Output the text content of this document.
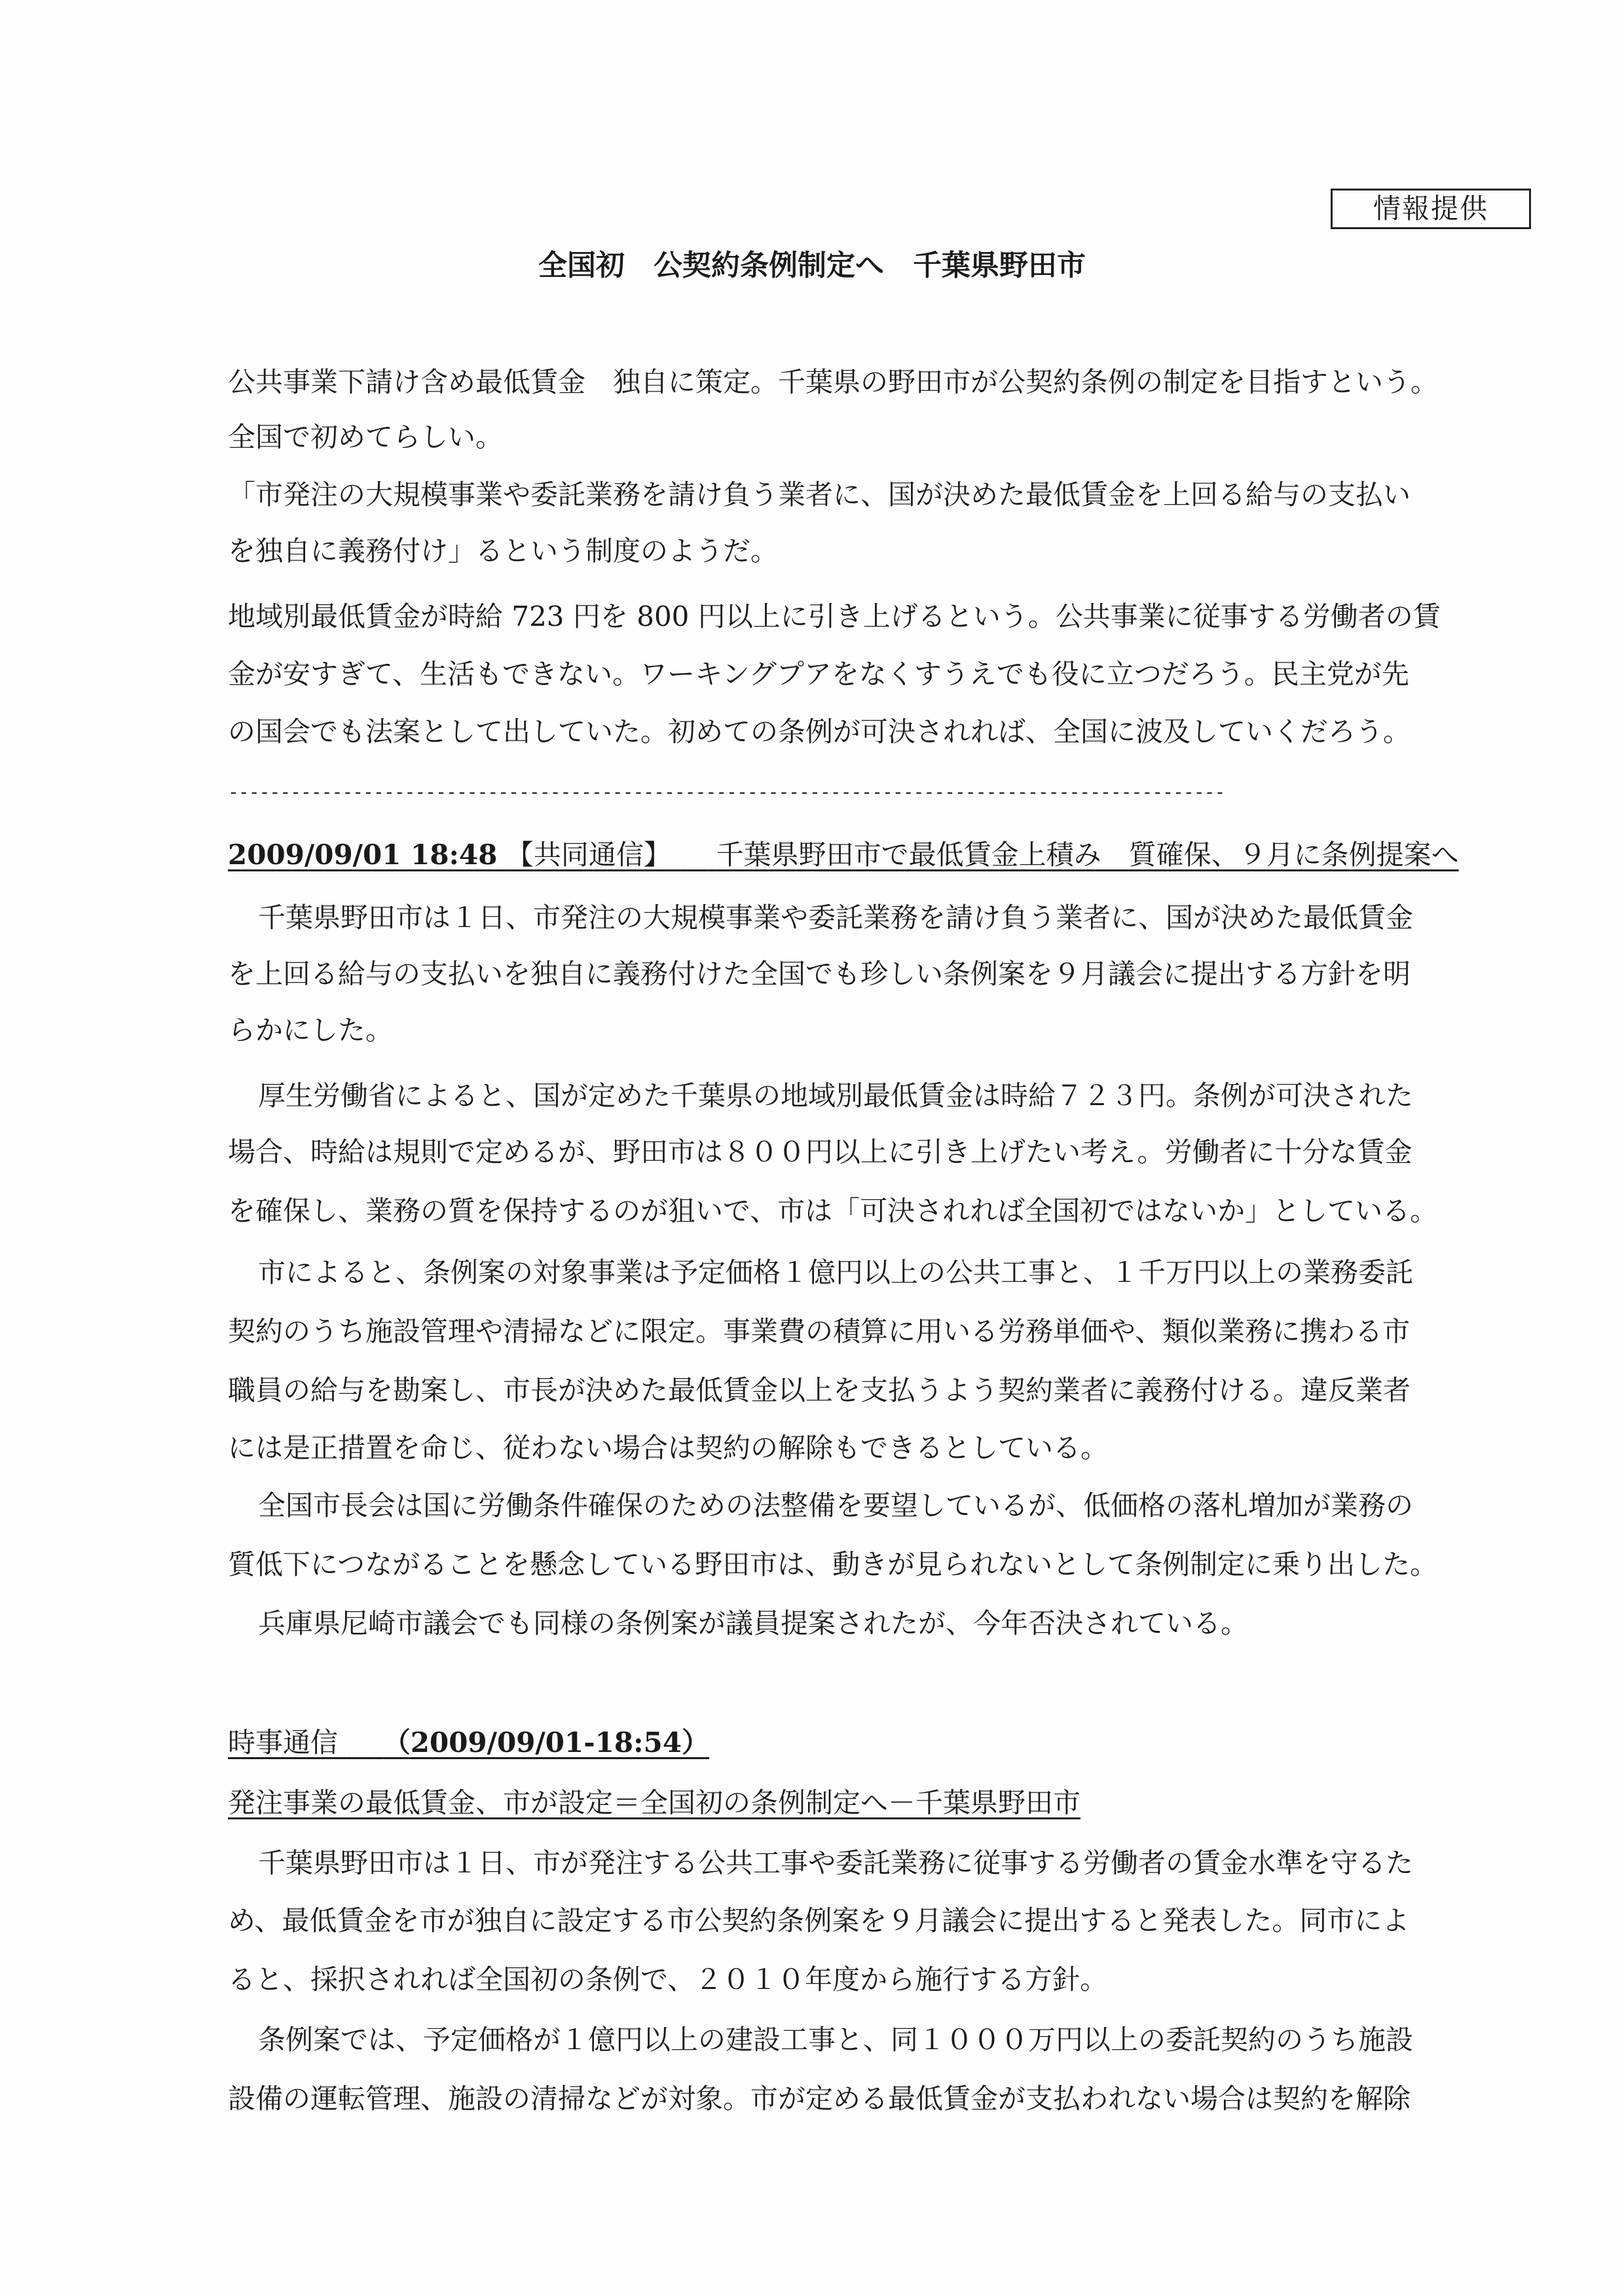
情報提供
全国初　公契約条例制定へ　千葉県野田市
公共事業下請け含め最低賃金　独自に策定。千葉県の野田市が公契約条例の制定を目指すという。
全国で初めてらしい。
「市発注の大規模事業や委託業務を請け負う業者に、国が決めた最低賃金を上回る給与の支払い
を独自に義務付け」るという制度のようだ。
地域別最低賃金が時給 723 円を 800 円以上に引き上げるという。公共事業に従事する労働者の賃
金が安すぎて、生活もできない。ワーキングプアをなくすうえでも役に立つだろう。民主党が先
の国会でも法案として出していた。初めての条例が可決されれば、全国に波及していくだろう。
------------------------------------------------------------------------------------------------
2009/09/01 18:48 【共同通信】 　 千葉県野田市で最低賃金上積み　質確保、９月に条例提案へ
千葉県野田市は１日、市発注の大規模事業や委託業務を請け負う業者に、国が決めた最低賃金
を上回る給与の支払いを独自に義務付けた全国でも珍しい条例案を９月議会に提出する方針を明
らかにした。
厚生労働省によると、国が定めた千葉県の地域別最低賃金は時給７２３円。条例が可決された
場合、時給は規則で定めるが、野田市は８００円以上に引き上げたい考え。労働者に十分な賃金
を確保し、業務の質を保持するのが狙いで、市は「可決されれば全国初ではないか」としている。
市によると、条例案の対象事業は予定価格１億円以上の公共工事と、１千万円以上の業務委託
契約のうち施設管理や清掃などに限定。事業費の積算に用いる労務単価や、類似業務に携わる市
職員の給与を勘案し、市長が決めた最低賃金以上を支払うよう契約業者に義務付ける。違反業者
には是正措置を命じ、従わない場合は契約の解除もできるとしている。
全国市長会は国に労働条件確保のための法整備を要望しているが、低価格の落札増加が業務の
質低下につながることを懸念している野田市は、動きが見られないとして条例制定に乗り出した。
兵庫県尼崎市議会でも同様の条例案が議員提案されたが、今年否決されている。
時事通信 　 （2009/09/01-18:54）
発注事業の最低賃金、市が設定＝全国初の条例制定へ－千葉県野田市
千葉県野田市は１日、市が発注する公共工事や委託業務に従事する労働者の賃金水準を守るた
め、最低賃金を市が独自に設定する市公契約条例案を９月議会に提出すると発表した。同市によ
ると、採択されれば全国初の条例で、２０１０年度から施行する方針。
条例案では、予定価格が１億円以上の建設工事と、同１０００万円以上の委託契約のうち施設
設備の運転管理、施設の清掃などが対象。市が定める最低賃金が支払われない場合は契約を解除
